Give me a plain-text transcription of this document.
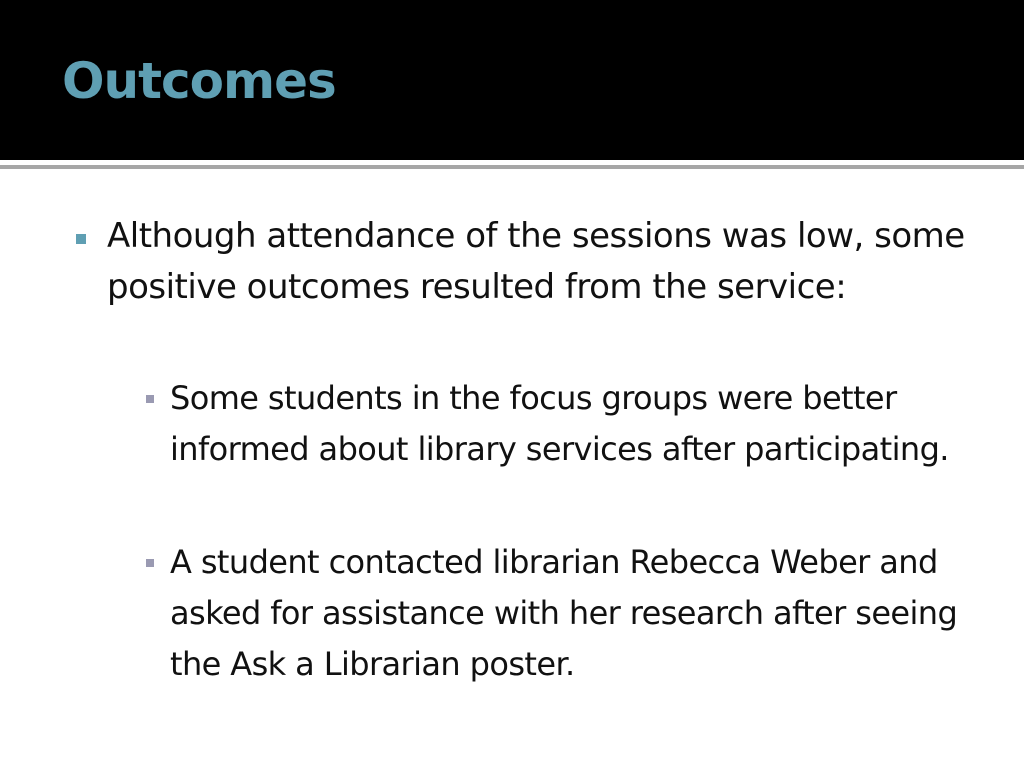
Outcomes

Although attendance of the sessions was low, some positive outcomes resulted from the service:

Some students in the focus groups were better informed about library services after participating.

A student contacted librarian Rebecca Weber and asked for assistance with her research after seeing the Ask a Librarian poster.
